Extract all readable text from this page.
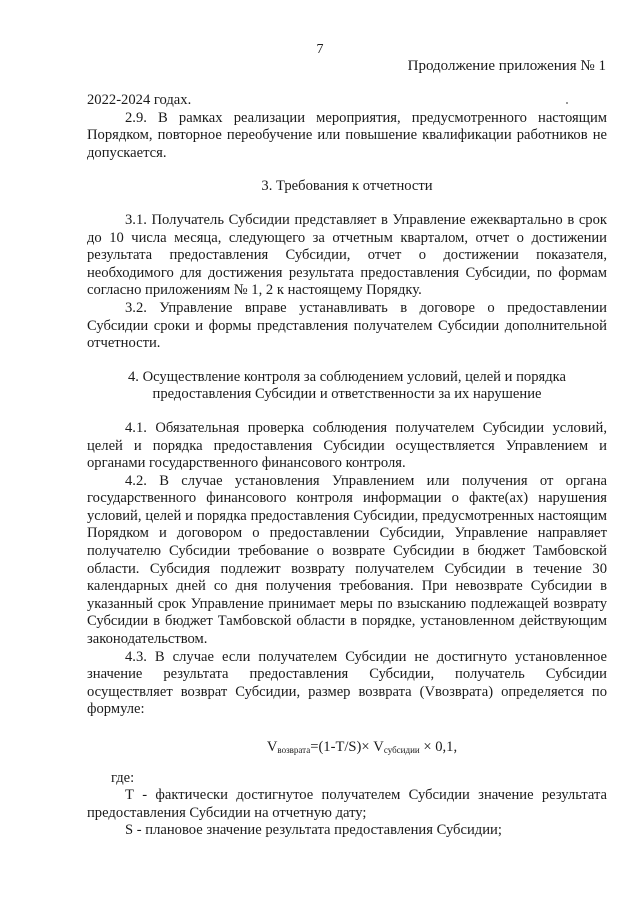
7
Продолжение приложения № 1

2022-2024 годах.

2.9. В рамках реализации мероприятия, предусмотренного настоящим Порядком, повторное переобучение или повышение квалификации работников не допускается.

3. Требования к отчетности

3.1. Получатель Субсидии представляет в Управление ежеквартально в срок до 10 числа месяца, следующего за отчетным кварталом, отчет о достижении результата предоставления Субсидии, отчет о достижении показателя, необходимого для достижения результата предоставления Субсидии, по формам согласно приложениям № 1, 2 к настоящему Порядку.

3.2. Управление вправе устанавливать в договоре о предоставлении Субсидии сроки и формы представления получателем Субсидии дополнительной отчетности.

4. Осуществление контроля за соблюдением условий, целей и порядка

предоставления Субсидии и ответственности за их нарушение

4.1. Обязательная проверка соблюдения получателем Субсидии условий, целей и порядка предоставления Субсидии осуществляется Управлением и органами государственного финансового контроля.

4.2. В случае установления Управлением или получения от органа государственного финансового контроля информации о факте(ах) нарушения условий, целей и порядка предоставления Субсидии, предусмотренных настоящим Порядком и договором о предоставлении Субсидии, Управление направляет получателю Субсидии требование о возврате Субсидии в бюджет Тамбовской области. Субсидия подлежит возврату получателем Субсидии в течение 30 календарных дней со дня получения требования. При невозврате Субсидии в указанный срок Управление принимает меры по взысканию подлежащей возврату Субсидии в бюджет Тамбовской области в порядке, установленном действующим законодательством.

4.3. В случае если получателем Субсидии не достигнуто установленное значение результата предоставления Субсидии, получатель Субсидии осуществляет возврат Субсидии, размер возврата (Vвозврата) определяется по формуле:

$V_{возврата}=(1-T/S)\times V_{субсидии} \times 0,1$,

где:

Т - фактически достигнутое получателем Субсидии значение результата предоставления Субсидии на отчетную дату;

S - плановое значение результата предоставления Субсидии;
